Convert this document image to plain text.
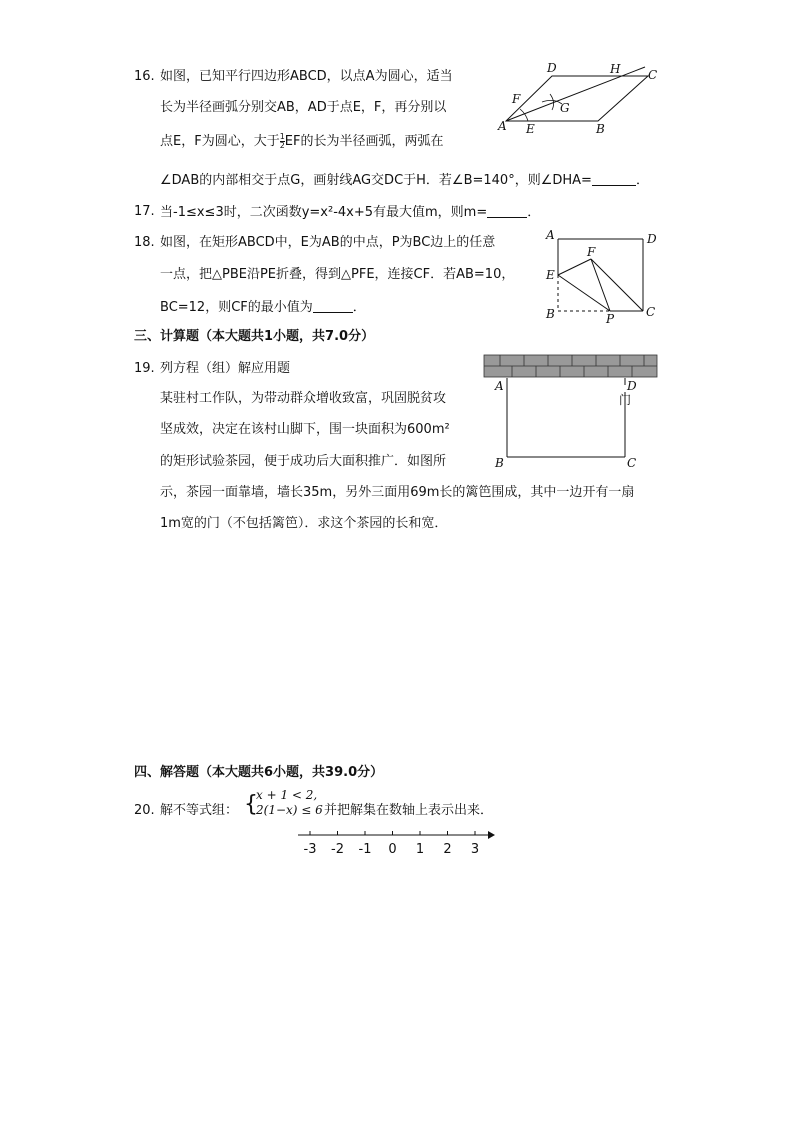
16. 如图，已知平行四边形ABCD，以点A为圆心，适当
长为半径画弧分别交AB，AD于点E，F，再分别以
点E，F为圆心，大于 $\frac{1}{2}$ EF的长为半径画弧，两弧在
∠DAB的内部相交于点G，画射线AG交DC于H．若∠B=140°，则∠DHA=	．
A	B
C
D
E
F
G
H
17. 当-1≤x≤3时，二次函数y=x²-4x+5有最大值m，则m=	．
18. 如图，在矩形ABCD中，E为AB的中点，P为BC边上的任意
一点，把△PBE沿PE折叠，得到△PFE，连接CF．若AB=10，
BC=12，则CF的最小值为	．
A	D
E
F
B	P	C
三、计算题（本大题共1小题，共7.0分）
19. 列方程（组）解应用题
某驻村工作队，为带动群众增收致富，巩固脱贫攻
坚成效，决定在该村山脚下，围一块面积为600m²
的矩形试验茶园，便于成功后大面积推广．如图所
示，茶园一面靠墙，墙长35m，另外三面用69m长的篱笆围成，其中一边开有一扇
1m宽的门（不包括篱笆）．求这个茶园的长和宽．
A	D
B	C
门
四、解答题（本大题共6小题，共39.0分）
20. 解不等式组： {
x + 1 < 2,
2(1−x) ≤ 6 并把解集在数轴上表示出来．
-3 -2 -1 0 1 2 3
